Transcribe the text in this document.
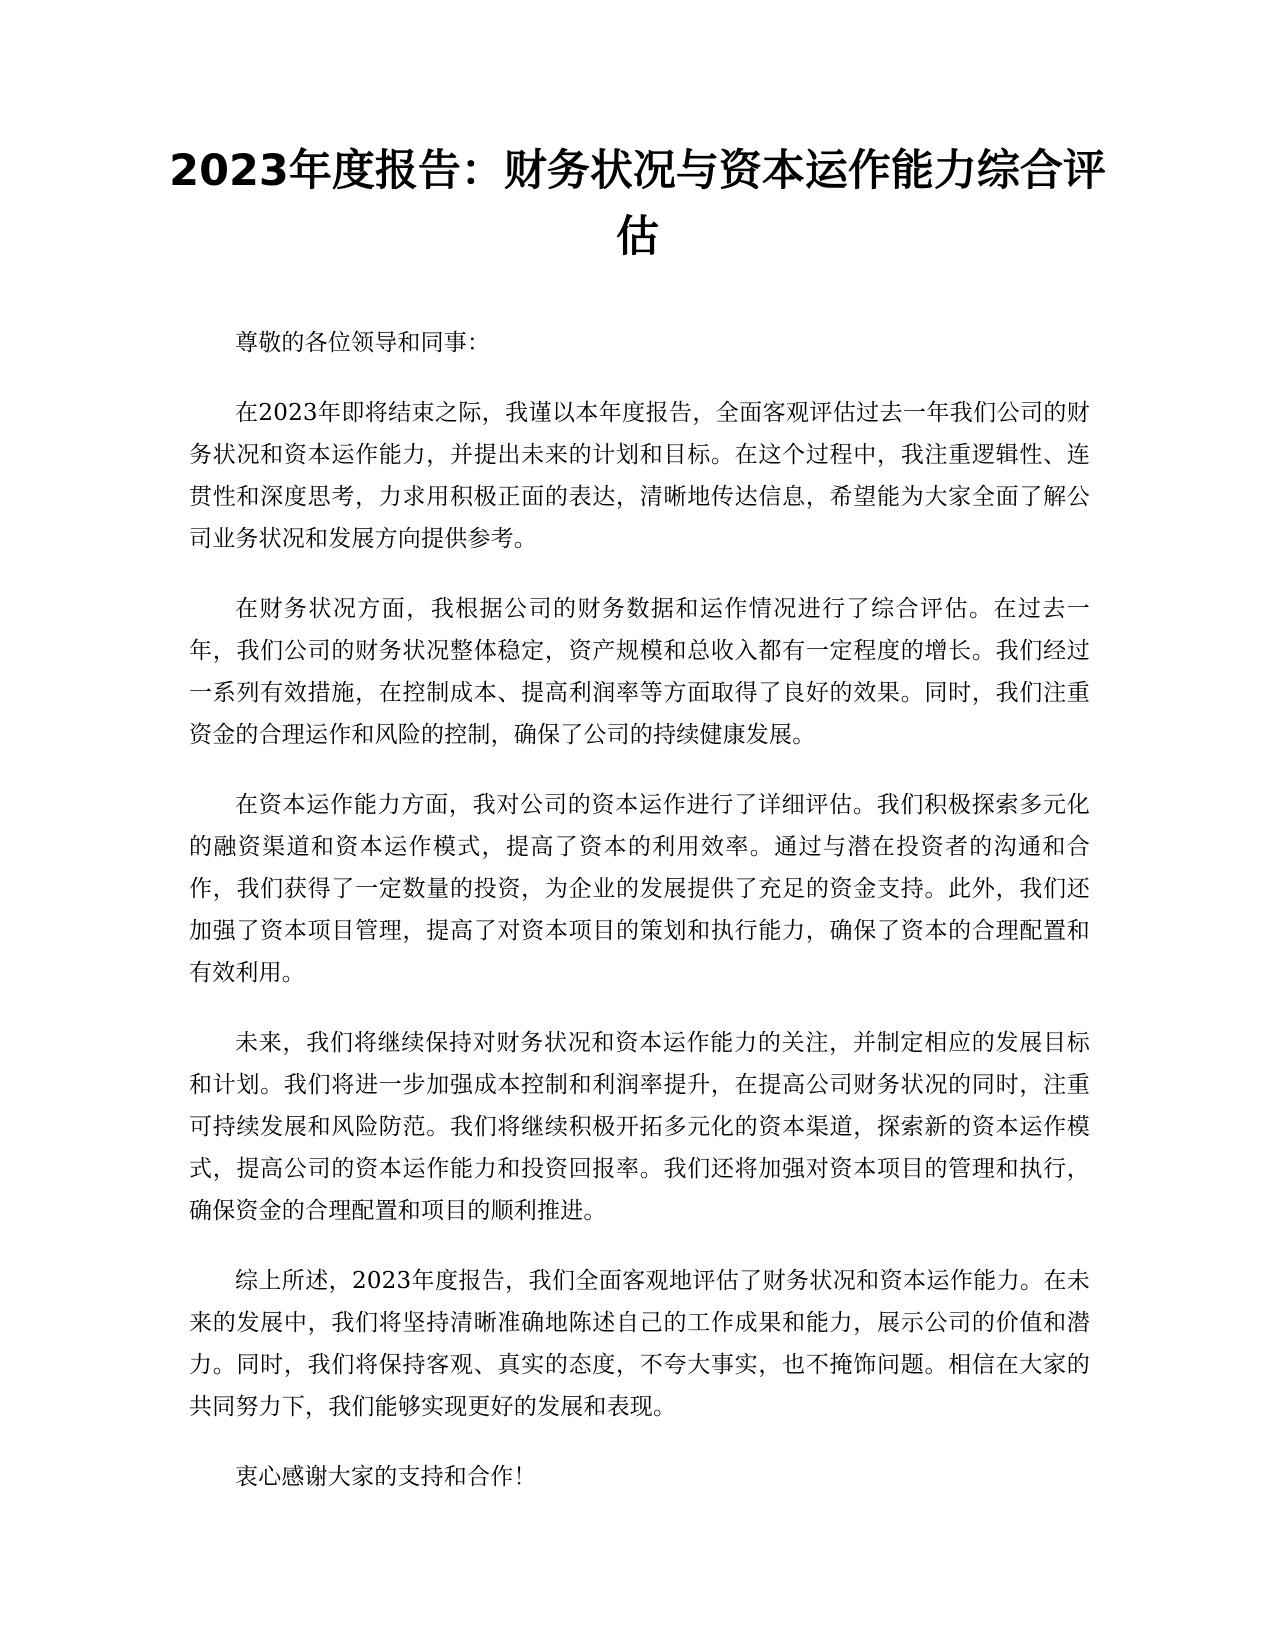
2023年度报告：财务状况与资本运作能力综合评估

尊敬的各位领导和同事：

在2023年即将结束之际，我谨以本年度报告，全面客观评估过去一年我们公司的财务状况和资本运作能力，并提出未来的计划和目标。在这个过程中，我注重逻辑性、连贯性和深度思考，力求用积极正面的表达，清晰地传达信息，希望能为大家全面了解公司业务状况和发展方向提供参考。

在财务状况方面，我根据公司的财务数据和运作情况进行了综合评估。在过去一年，我们公司的财务状况整体稳定，资产规模和总收入都有一定程度的增长。我们经过一系列有效措施，在控制成本、提高利润率等方面取得了良好的效果。同时，我们注重资金的合理运作和风险的控制，确保了公司的持续健康发展。

在资本运作能力方面，我对公司的资本运作进行了详细评估。我们积极探索多元化的融资渠道和资本运作模式，提高了资本的利用效率。通过与潜在投资者的沟通和合作，我们获得了一定数量的投资，为企业的发展提供了充足的资金支持。此外，我们还加强了资本项目管理，提高了对资本项目的策划和执行能力，确保了资本的合理配置和有效利用。

未来，我们将继续保持对财务状况和资本运作能力的关注，并制定相应的发展目标和计划。我们将进一步加强成本控制和利润率提升，在提高公司财务状况的同时，注重可持续发展和风险防范。我们将继续积极开拓多元化的资本渠道，探索新的资本运作模式，提高公司的资本运作能力和投资回报率。我们还将加强对资本项目的管理和执行，确保资金的合理配置和项目的顺利推进。

综上所述，2023年度报告，我们全面客观地评估了财务状况和资本运作能力。在未来的发展中，我们将坚持清晰准确地陈述自己的工作成果和能力，展示公司的价值和潜力。同时，我们将保持客观、真实的态度，不夸大事实，也不掩饰问题。相信在大家的共同努力下，我们能够实现更好的发展和表现。

衷心感谢大家的支持和合作！
